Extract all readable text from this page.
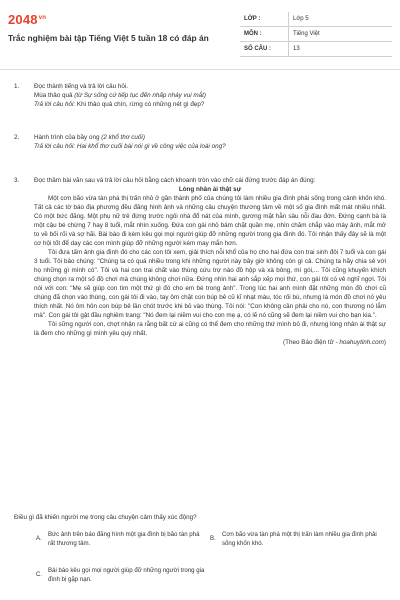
$2048^{vn}$
Trắc nghiệm bài tập Tiếng Việt 5 tuần 18 có đáp án
LỚP :	Lớp 5
MÔN :	Tiếng Việt
SỐ CÂU :	13
1. Đọc thành tiếng và trả lời câu hỏi.

Mùa thảo quả (từ Sự sống cứ tiếp tục đến nhấp nháy vui mắt)

Trả lời câu hỏi: Khi thảo quả chín, rừng có những nét gì đẹp?

2. Hành trình của bầy ong (2 khổ thơ cuối)

Trả lời câu hỏi: Hai khổ thơ cuối bài nói gì về công việc của loài ong?

3. Đọc thầm bài văn sau và trả lời câu hỏi bằng cách khoanh tròn vào chữ cái đứng trước đáp án đúng:

Lòng nhân ái thật sự

Một cơn bão vừa tàn phá thị trấn nhỏ ở gần thành phố của chúng tôi làm nhiều gia đình phải sống trong cảnh khốn khó. Tất cả các tờ báo địa phương đều đăng hình ảnh và những câu chuyện thương tâm về một số gia đình mất mát nhiều nhất. Có một bức đăng. Một phụ nữ trẻ đứng trước ngôi nhà đổ nát của mình, gương mặt hằn sâu nỗi đau đớn. Đứng cạnh bà là một cậu bé chừng 7 hay 8 tuổi, mắt nhìn xuống. Đứa con gái nhỏ bám chặt quần mẹ, nhìn chăm chắp vào máy ảnh, mắt mở to về bối rối và sợ hãi. Bài báo đi kèm kêu gọi mọi người giúp đỡ những người trong gia đình đó. Tôi nhận thấy đây sẽ là một cơ hội tốt để dạy các con mình giúp đỡ những người kém may mắn hơn.

Tôi đưa tấm ảnh gia đình đó cho các con tôi xem, giải thích nỗi khổ của họ cho hai đứa con trai sinh đôi 7 tuổi và con gái 3 tuổi. Tôi bảo chúng: "Chúng ta có quá nhiều trong khi những người này bây giờ không còn gì cả. Chúng ta hãy chia sẻ với họ những gì mình có". Tôi và hai con trai chất vào thùng cứu trợ nào đồ hộp và xà bông, mì gói,... Tôi cũng khuyến khích chúng chọn ra một số đồ chơi mà chúng không chơi nữa. Đứng nhìn hai anh sắp xếp mọi thứ, con gái tôi có vẻ nghĩ ngợi. Tôi nói với con: "Mẹ sẽ giúp con tìm một thứ gì đó cho em bé trong ảnh". Trong lúc hai anh mình đặt những món đồ chơi cũ chúng đã chọn vào thùng, con gái tôi đi vào, tay ôm chặt con búp bê cũ kĩ nhạt màu, tóc rối bù, nhưng là món đồ chơi nó yêu thích nhất. Nó ôm hôn con búp bê lần chót trước khi bỏ vào thùng. Tôi nói: "Con không cần phải cho nó, con thương nó lắm mà". Con gái tôi gật đầu nghiêm trang: "Nó đem lại niềm vui cho con mẹ ạ, có lẽ nó cũng sẽ đem lại niềm vui cho bạn kia.".

Tôi sững người con, chợt nhận ra rằng bất cứ ai cũng có thể đem cho những thứ mình bỏ đi, nhưng lòng nhân ái thật sự là đem cho những gì mình yêu quý nhất.

(Theo Báo điện tử - hoahuytinh.com)

Điều gì đã khiến người mẹ trong câu chuyện cảm thấy xúc động?
A.
Bức ảnh trên báo đăng hình một gia đình bị bão tàn phá rất thương tâm.
B.
Cơn bão vừa tàn phá một thị trấn làm nhiều gia đình phải sống khốn khó.
C.
Bài báo kêu gọi mọi người giúp đỡ những người trong gia đình bị gặp nạn.
